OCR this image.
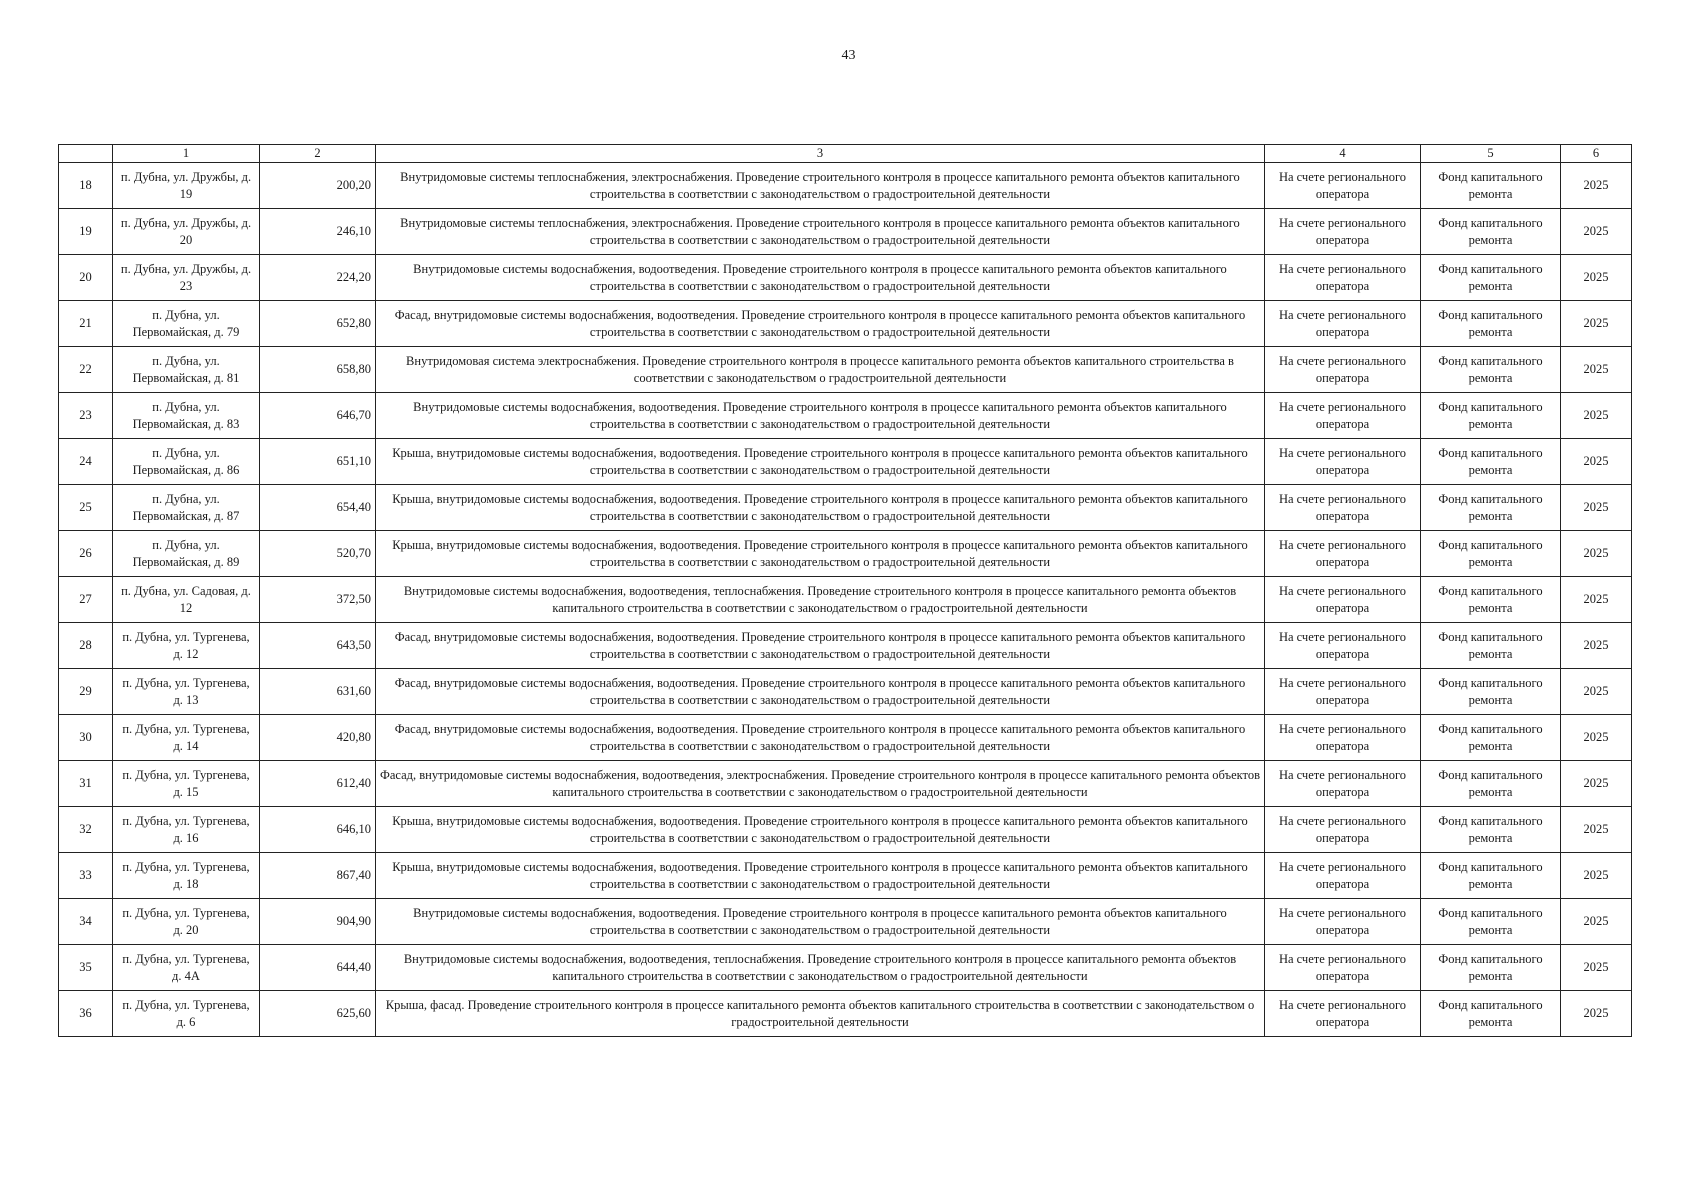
43
	1	2	3	4	5	6
18	п. Дубна, ул. Дружбы, д. 19	200,20	Внутридомовые системы теплоснабжения, электроснабжения. Проведение строительного контроля в процессе капитального ремонта объектов капитального строительства в соответствии с законодательством о градостроительной деятельности	На счете регионального оператора	Фонд капитального ремонта	2025
19	п. Дубна, ул. Дружбы, д. 20	246,10	Внутридомовые системы теплоснабжения, электроснабжения. Проведение строительного контроля в процессе капитального ремонта объектов капитального строительства в соответствии с законодательством о градостроительной деятельности	На счете регионального оператора	Фонд капитального ремонта	2025
20	п. Дубна, ул. Дружбы, д. 23	224,20	Внутридомовые системы водоснабжения, водоотведения. Проведение строительного контроля в процессе капитального ремонта объектов капитального строительства в соответствии с законодательством о градостроительной деятельности	На счете регионального оператора	Фонд капитального ремонта	2025
21	п. Дубна, ул. Первомайская, д. 79	652,80	Фасад, внутридомовые системы водоснабжения, водоотведения. Проведение строительного контроля в процессе капитального ремонта объектов капитального строительства в соответствии с законодательством о градостроительной деятельности	На счете регионального оператора	Фонд капитального ремонта	2025
22	п. Дубна, ул. Первомайская, д. 81	658,80	Внутридомовая система электроснабжения. Проведение строительного контроля в процессе капитального ремонта объектов капитального строительства в соответствии с законодательством о градостроительной деятельности	На счете регионального оператора	Фонд капитального ремонта	2025
23	п. Дубна, ул. Первомайская, д. 83	646,70	Внутридомовые системы водоснабжения, водоотведения. Проведение строительного контроля в процессе капитального ремонта объектов капитального строительства в соответствии с законодательством о градостроительной деятельности	На счете регионального оператора	Фонд капитального ремонта	2025
24	п. Дубна, ул. Первомайская, д. 86	651,10	Крыша, внутридомовые системы водоснабжения, водоотведения. Проведение строительного контроля в процессе капитального ремонта объектов капитального строительства в соответствии с законодательством о градостроительной деятельности	На счете регионального оператора	Фонд капитального ремонта	2025
25	п. Дубна, ул. Первомайская, д. 87	654,40	Крыша, внутридомовые системы водоснабжения, водоотведения. Проведение строительного контроля в процессе капитального ремонта объектов капитального строительства в соответствии с законодательством о градостроительной деятельности	На счете регионального оператора	Фонд капитального ремонта	2025
26	п. Дубна, ул. Первомайская, д. 89	520,70	Крыша, внутридомовые системы водоснабжения, водоотведения. Проведение строительного контроля в процессе капитального ремонта объектов капитального строительства в соответствии с законодательством о градостроительной деятельности	На счете регионального оператора	Фонд капитального ремонта	2025
27	п. Дубна, ул. Садовая, д. 12	372,50	Внутридомовые системы водоснабжения, водоотведения, теплоснабжения. Проведение строительного контроля в процессе капитального ремонта объектов капитального строительства в соответствии с законодательством о градостроительной деятельности	На счете регионального оператора	Фонд капитального ремонта	2025
28	п. Дубна, ул. Тургенева, д. 12	643,50	Фасад, внутридомовые системы водоснабжения, водоотведения. Проведение строительного контроля в процессе капитального ремонта объектов капитального строительства в соответствии с законодательством о градостроительной деятельности	На счете регионального оператора	Фонд капитального ремонта	2025
29	п. Дубна, ул. Тургенева, д. 13	631,60	Фасад, внутридомовые системы водоснабжения, водоотведения. Проведение строительного контроля в процессе капитального ремонта объектов капитального строительства в соответствии с законодательством о градостроительной деятельности	На счете регионального оператора	Фонд капитального ремонта	2025
30	п. Дубна, ул. Тургенева, д. 14	420,80	Фасад, внутридомовые системы водоснабжения, водоотведения. Проведение строительного контроля в процессе капитального ремонта объектов капитального строительства в соответствии с законодательством о градостроительной деятельности	На счете регионального оператора	Фонд капитального ремонта	2025
31	п. Дубна, ул. Тургенева, д. 15	612,40	Фасад, внутридомовые системы водоснабжения, водоотведения, электроснабжения. Проведение строительного контроля в процессе капитального ремонта объектов капитального строительства в соответствии с законодательством о градостроительной деятельности	На счете регионального оператора	Фонд капитального ремонта	2025
32	п. Дубна, ул. Тургенева, д. 16	646,10	Крыша, внутридомовые системы водоснабжения, водоотведения. Проведение строительного контроля в процессе капитального ремонта объектов капитального строительства в соответствии с законодательством о градостроительной деятельности	На счете регионального оператора	Фонд капитального ремонта	2025
33	п. Дубна, ул. Тургенева, д. 18	867,40	Крыша, внутридомовые системы водоснабжения, водоотведения. Проведение строительного контроля в процессе капитального ремонта объектов капитального строительства в соответствии с законодательством о градостроительной деятельности	На счете регионального оператора	Фонд капитального ремонта	2025
34	п. Дубна, ул. Тургенева, д. 20	904,90	Внутридомовые системы водоснабжения, водоотведения. Проведение строительного контроля в процессе капитального ремонта объектов капитального строительства в соответствии с законодательством о градостроительной деятельности	На счете регионального оператора	Фонд капитального ремонта	2025
35	п. Дубна, ул. Тургенева, д. 4А	644,40	Внутридомовые системы водоснабжения, водоотведения, теплоснабжения. Проведение строительного контроля в процессе капитального ремонта объектов капитального строительства в соответствии с законодательством о градостроительной деятельности	На счете регионального оператора	Фонд капитального ремонта	2025
36	п. Дубна, ул. Тургенева, д. 6	625,60	Крыша, фасад. Проведение строительного контроля в процессе капитального ремонта объектов капитального строительства в соответствии с законодательством о градостроительной деятельности	На счете регионального оператора	Фонд капитального ремонта	2025
